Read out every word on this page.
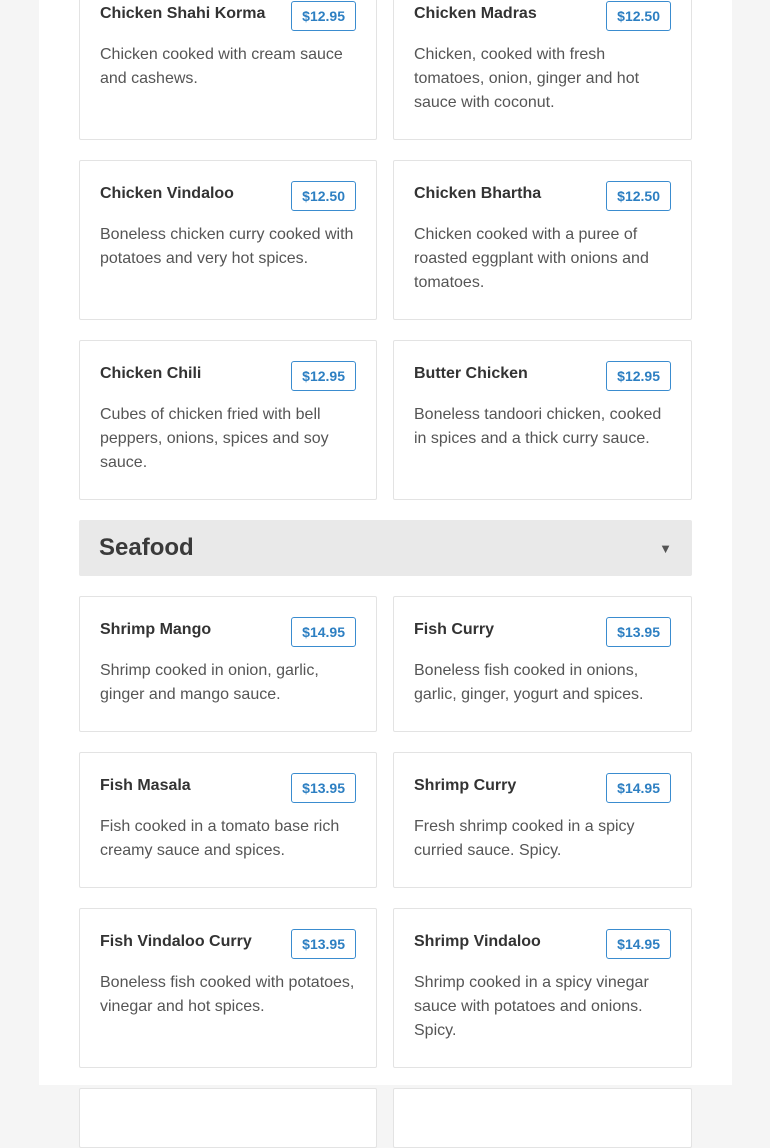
Chicken Shahi Korma	$12.95

Chicken cooked with cream sauce and cashews.

Chicken Madras	$12.50

Chicken, cooked with fresh tomatoes, onion, ginger and hot sauce with coconut.

Chicken Vindaloo	$12.50

Boneless chicken curry cooked with potatoes and very hot spices.

Chicken Bhartha	$12.50

Chicken cooked with a puree of roasted eggplant with onions and tomatoes.

Chicken Chili	$12.95

Cubes of chicken fried with bell peppers, onions, spices and soy sauce.

Butter Chicken	$12.95

Boneless tandoori chicken, cooked in spices and a thick curry sauce.

Seafood	▼
Shrimp Mango	$14.95

Shrimp cooked in onion, garlic, ginger and mango sauce.

Fish Curry	$13.95

Boneless fish cooked in onions, garlic, ginger, yogurt and spices.

Fish Masala	$13.95

Fish cooked in a tomato base rich creamy sauce and spices.

Shrimp Curry	$14.95

Fresh shrimp cooked in a spicy curried sauce. Spicy.

Fish Vindaloo Curry	$13.95

Boneless fish cooked with potatoes, vinegar and hot spices.

Shrimp Vindaloo	$14.95

Shrimp cooked in a spicy vinegar sauce with potatoes and onions. Spicy.
